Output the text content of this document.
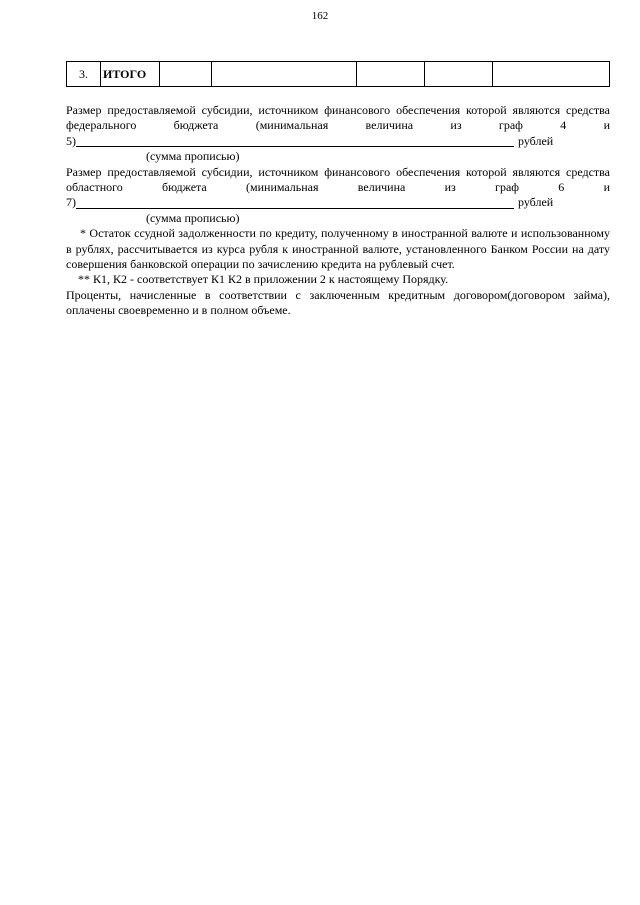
162
3.	ИТОГО					

Размер предоставляемой субсидии, источником финансового обеспечения которой являются средства федерального бюджета (минимальная величина из граф 4 и

5)	рублей

(сумма прописью)

Размер предоставляемой субсидии, источником финансового обеспечения которой являются средства областного бюджета (минимальная величина из граф 6 и

7)	рублей

(сумма прописью)

* Остаток ссудной задолженности по кредиту, полученному в иностранной валюте и использованному в рублях, рассчитывается из курса рубля к иностранной валюте, установленного Банком России на дату совершения банковской операции по зачислению кредита на рублевый счет.

** К1, К2 - соответствует К1 К2 в приложении 2 к настоящему Порядку.

Проценты, начисленные в соответствии с заключенным кредитным договором(договором займа), оплачены своевременно и в полном объеме.
